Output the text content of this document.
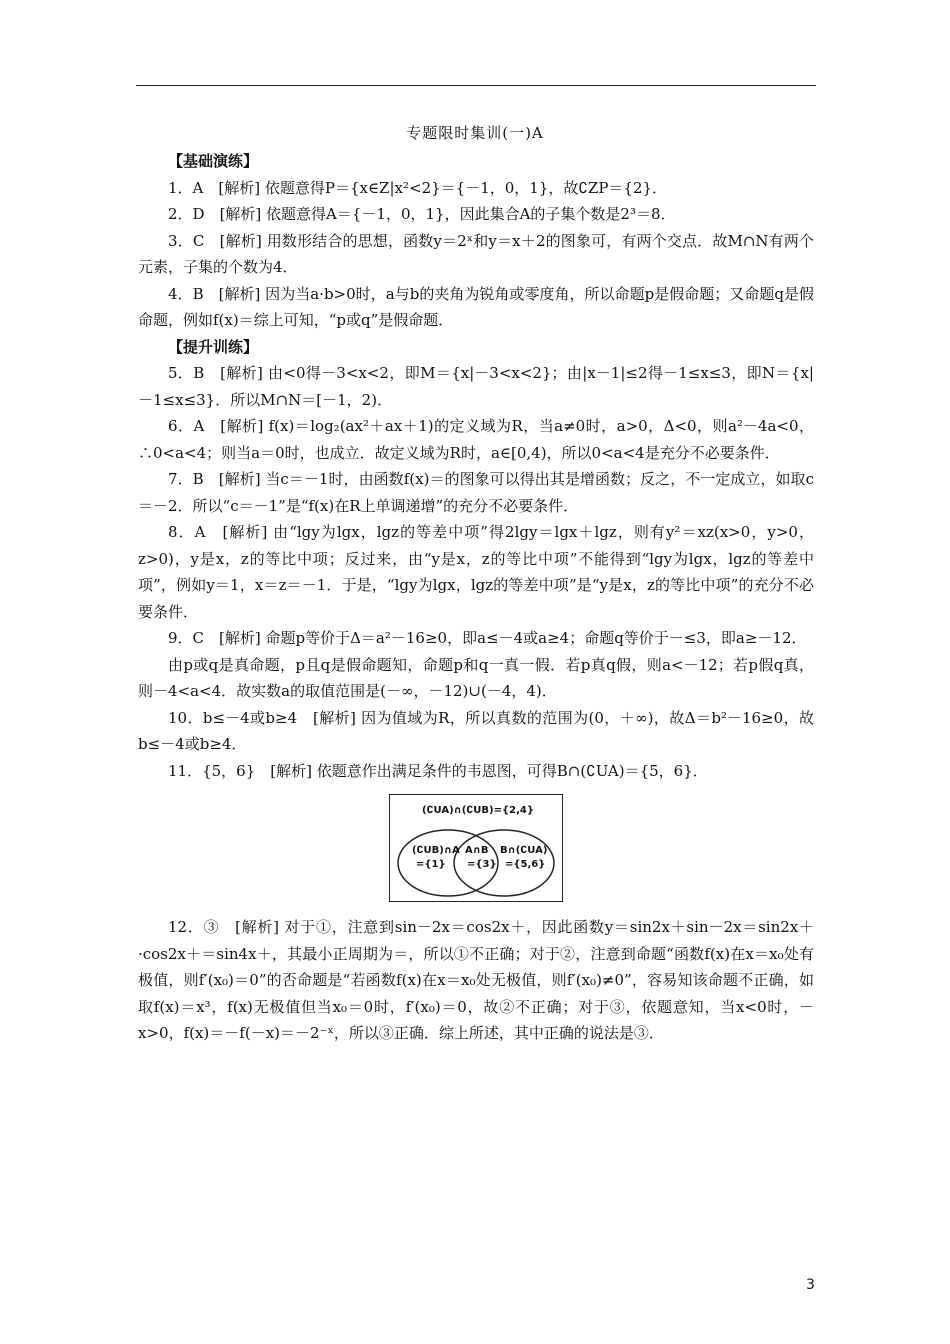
专题限时集训(一)A

【基础演练】

1．A　[解析] 依题意得P＝{x∈Z|x²<2}＝{－1，0，1}，故∁ZP＝{2}．

2．D　[解析] 依题意得A＝{－1，0，1}，因此集合A的子集个数是2³＝8．

3．C　[解析] 用数形结合的思想，函数y＝2ˣ和y＝x＋2的图象可，有两个交点．故M∩N有两个元素，子集的个数为4．

4．B　[解析] 因为当a·b>0时，a与b的夹角为锐角或零度角，所以命题p是假命题；又命题q是假命题，例如f(x)＝综上可知，“p或q”是假命题．

【提升训练】

5．B　[解析] 由<0得－3<x<2，即M＝{x|－3<x<2}；由|x－1|≤2得－1≤x≤3，即N＝{x|－1≤x≤3}．所以M∩N＝[－1，2)．

6．A　[解析] f(x)＝log₂(ax²＋ax＋1)的定义域为R，当a≠0时，a>0，Δ<0，则a²－4a<0，∴0<a<4；则当a＝0时，也成立．故定义域为R时，a∈[0,4)，所以0<a<4是充分不必要条件．

7．B　[解析] 当c＝－1时，由函数f(x)＝的图象可以得出其是增函数；反之，不一定成立，如取c＝－2．所以“c＝－1”是“f(x)在R上单调递增”的充分不必要条件．

8．A　[解析] 由“lgy为lgx，lgz的等差中项”得2lgy＝lgx＋lgz，则有y²＝xz(x>0，y>0，z>0)，y是x，z的等比中项；反过来，由“y是x，z的等比中项”不能得到“lgy为lgx，lgz的等差中项”，例如y＝1，x＝z＝－1．于是，“lgy为lgx，lgz的等差中项”是“y是x，z的等比中项”的充分不必要条件．

9．C　[解析] 命题p等价于Δ＝a²－16≥0，即a≤－4或a≥4；命题q等价于－≤3，即a≥－12．

由p或q是真命题，p且q是假命题知，命题p和q一真一假．若p真q假，则a<－12；若p假q真，则－4<a<4．故实数a的取值范围是(－∞，－12)∪(－4，4)．

10．b≤－4或b≥4　[解析] 因为值域为R，所以真数的范围为(0，＋∞)，故Δ＝b²－16≥0，故b≤－4或b≥4．

11．{5，6}　[解析] 依题意作出满足条件的韦恩图，可得B∩(∁UA)＝{5，6}．

(∁UA)∩(∁UB)={2,4}
(∁UB)∩A
={1}
A∩B
={3}
B∩(∁UA)
={5,6}

12．③　[解析] 对于①，注意到sin－2x＝cos2x＋，因此函数y＝sin2x＋sin－2x＝sin2x＋·cos2x＋＝sin4x＋，其最小正周期为＝，所以①不正确；对于②，注意到命题“函数f(x)在x＝x₀处有极值，则f′(x₀)＝0”的否命题是“若函数f(x)在x＝x₀处无极值，则f′(x₀)≠0”，容易知该命题不正确，如取f(x)＝x³，f(x)无极值但当x₀＝0时，f′(x₀)＝0，故②不正确；对于③，依题意知，当x<0时，－x>0，f(x)＝－f(－x)＝－2⁻ˣ，所以③正确．综上所述，其中正确的说法是③．

3
